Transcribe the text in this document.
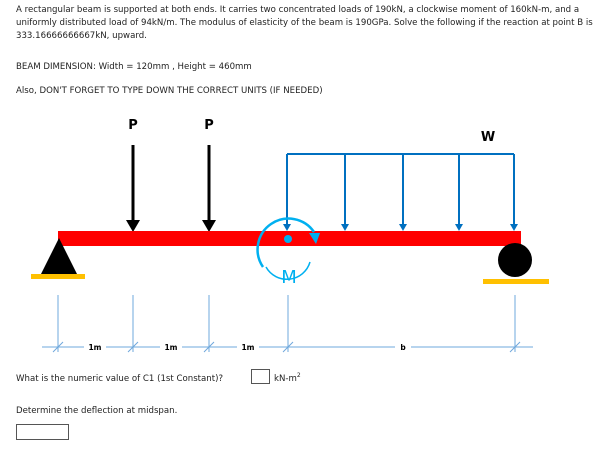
A rectangular beam is supported at both ends. It carries two concentrated loads of 190kN, a clockwise moment of 160kN-m, and a uniformly distributed load of 94kN/m. The modulus of elasticity of the beam is 190GPa. Solve the following if the reaction at point B is 333.16666666667kN, upward.

BEAM DIMENSION: Width = 120mm , Height = 460mm

Also, DON'T FORGET TO TYPE DOWN THE CORRECT UNITS (IF NEEDED)

P	P
W
M
1m	1m	1m	b

What is the numeric value of C1 (1st Constant)?	$kN-m^2$

Determine the deflection at midspan.
